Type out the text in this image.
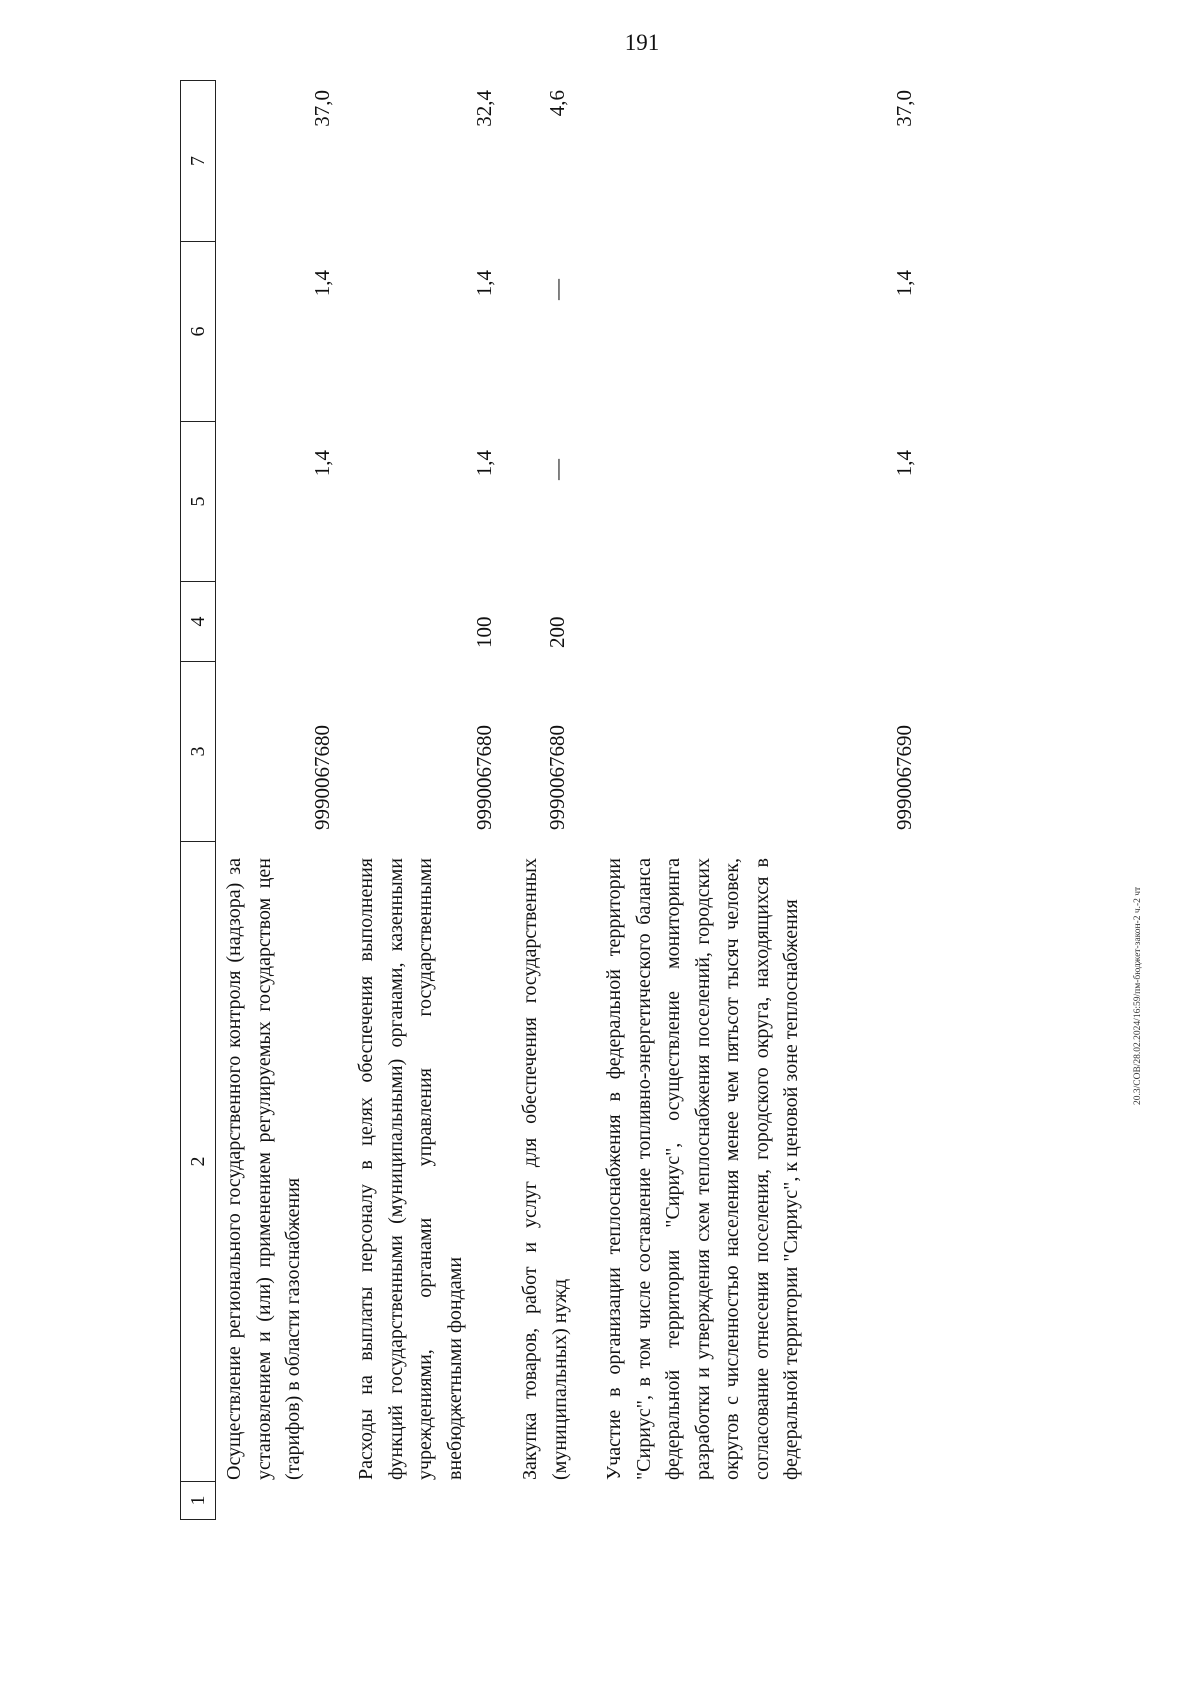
191
20.3/СОВ/28.02.2024/16:59/пм-бюджет-закон-2 ч.-2 чт
1
2
3
4
5
6
7
Осуществление регионального государственного контроля (надзора) за установлением и (или) применением регулируемых государством цен (тарифов) в области газоснабжения
9990067680
1,4
1,4
37,0
Расходы на выплаты персоналу в целях обеспечения выполнения функций государственными (муниципальными) органами, казенными учреждениями, органами управления государственными внебюджетными фондами
9990067680
100
1,4
1,4
32,4
Закупка товаров, работ и услуг для обеспечения государственных (муниципальных) нужд
9990067680
200
—
—
4,6
Участие в организации теплоснабжения в федеральной территории "Сириус", в том числе составление топливно-энергетического баланса федеральной территории "Сириус", осуществление мониторинга разработки и утверждения схем теплоснабжения поселений, городских округов с численностью населения менее чем пятьсот тысяч человек, согласование отнесения поселения, городского округа, находящихся в федеральной территории "Сириус", к ценовой зоне теплоснабжения
9990067690
1,4
1,4
37,0
